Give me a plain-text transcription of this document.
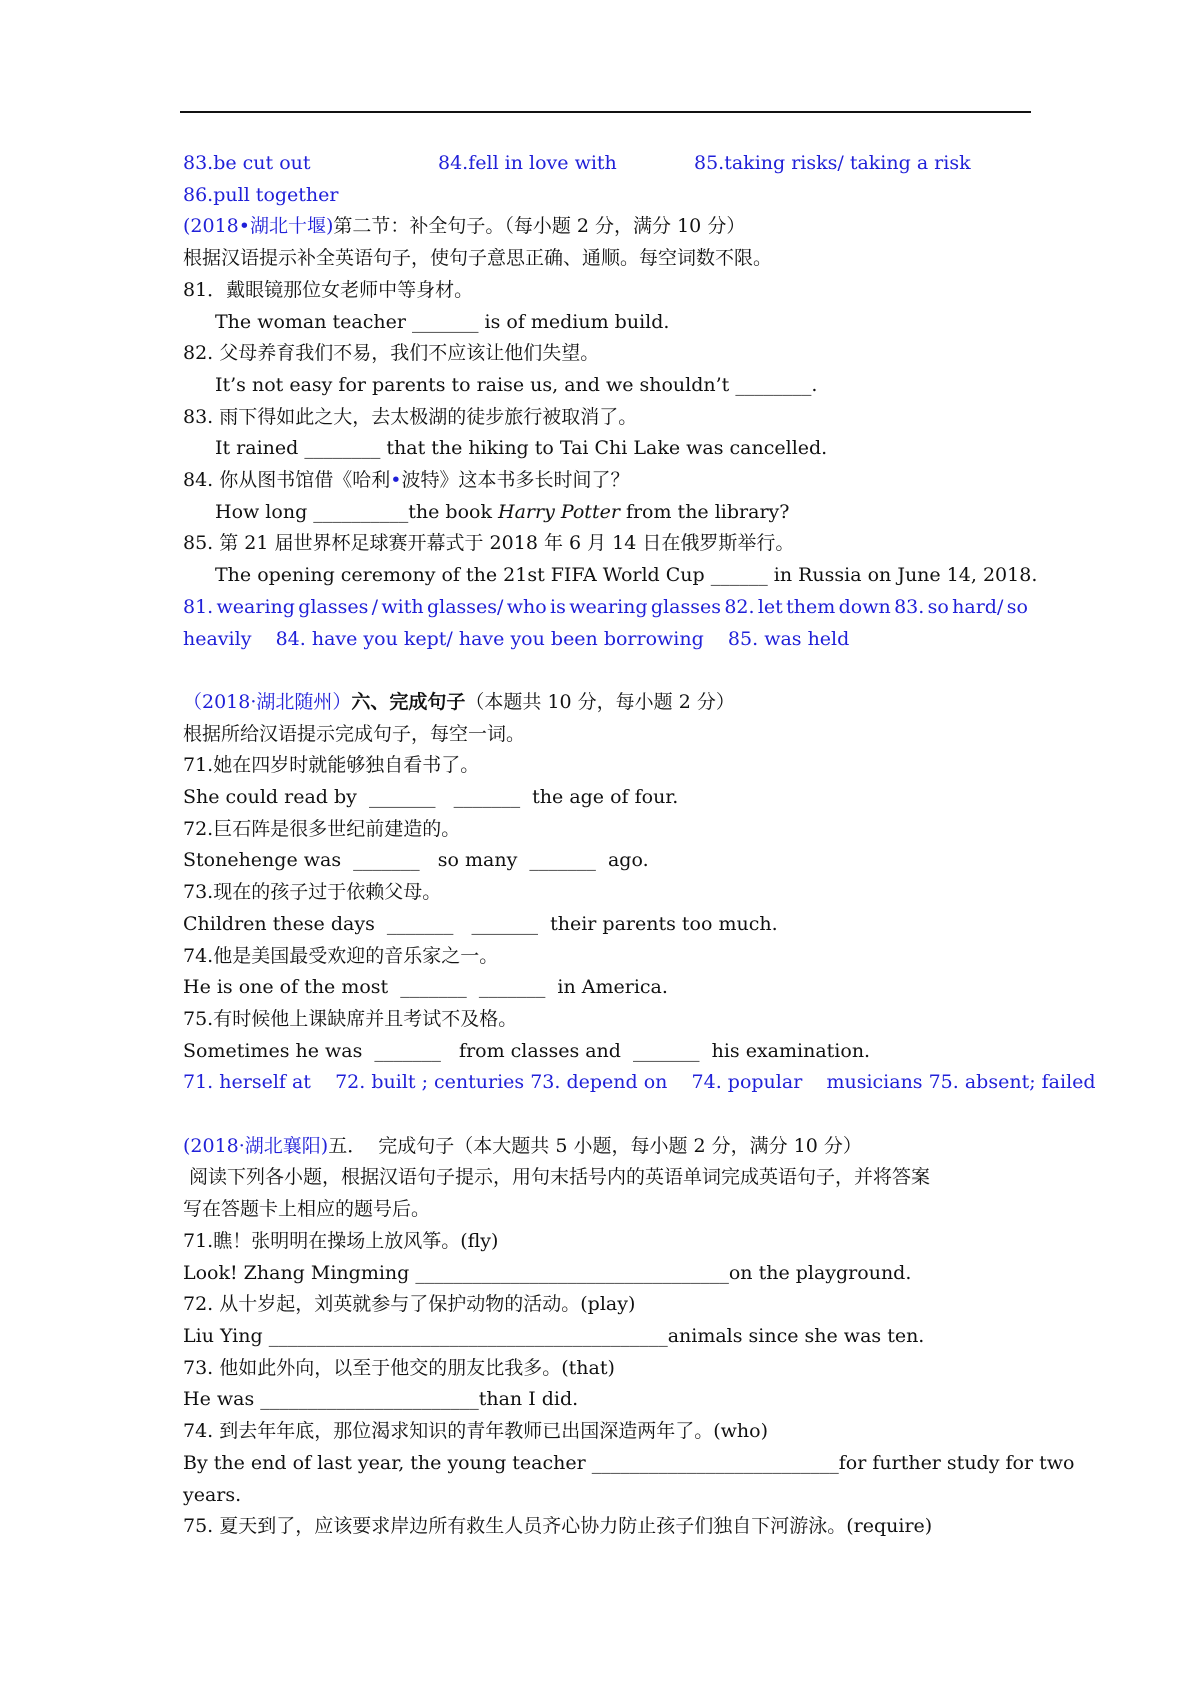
83.be cut out	84.fell in love with	85.taking risks/ taking a risk
86.pull together
(2018•湖北十堰)第二节：补全句子。（每小题 2 分，满分 10 分）
根据汉语提示补全英语句子，使句子意思正确、通顺。每空词数不限。
81．戴眼镜那位女老师中等身材。
The woman teacher _______ is of medium build.
82. 父母养育我们不易，我们不应该让他们失望。
It’s not easy for parents to raise us, and we shouldn’t ________.
83. 雨下得如此之大，去太极湖的徒步旅行被取消了。
It rained ________ that the hiking to Tai Chi Lake was cancelled.
84. 你从图书馆借《哈利•波特》这本书多长时间了？
How long __________the book Harry Potter from the library?
85. 第 21 届世界杯足球赛开幕式于 2018 年 6 月 14 日在俄罗斯举行。
The opening ceremony of the 21st FIFA World Cup ______ in Russia on June 14, 2018.
81. wearing glasses / with glasses/ who is wearing glasses 82. let them down 83. so hard/ so
heavily    84. have you kept/ have you been borrowing    85. was held
（2018·湖北随州）六、完成句子（本题共 10 分，每小题 2 分）
根据所给汉语提示完成句子，每空一词。
71.她在四岁时就能够独自看书了。
She could read by  _______   _______  the age of four.
72.巨石阵是很多世纪前建造的。
Stonehenge was  _______   so many  _______  ago.
73.现在的孩子过于依赖父母。
Children these days  _______   _______  their parents too much.
74.他是美国最受欢迎的音乐家之一。
He is one of the most  _______  _______  in America.
75.有时候他上课缺席并且考试不及格。
Sometimes he was  _______   from classes and  _______  his examination.
71. herself at    72. built ; centuries 73. depend on    74. popular    musicians 75. absent; failed
(2018·湖北襄阳)五．  完成句子（本大题共 5 小题，每小题 2 分，满分 10 分）
阅读下列各小题，根据汉语句子提示，用句末括号内的英语单词完成英语句子，并将答案
写在答题卡上相应的题号后。
71.瞧！张明明在操场上放风筝。(fly)
Look! Zhang Mingming _________________________________on the playground.
72. 从十岁起，刘英就参与了保护动物的活动。(play)
Liu Ying __________________________________________animals since she was ten.
73. 他如此外向，以至于他交的朋友比我多。(that)
He was _______________________than I did.
74. 到去年年底，那位渴求知识的青年教师已出国深造两年了。(who)
By the end of last year, the young teacher __________________________for further study for two
years.
75. 夏天到了，应该要求岸边所有救生人员齐心协力防止孩子们独自下河游泳。(require)
